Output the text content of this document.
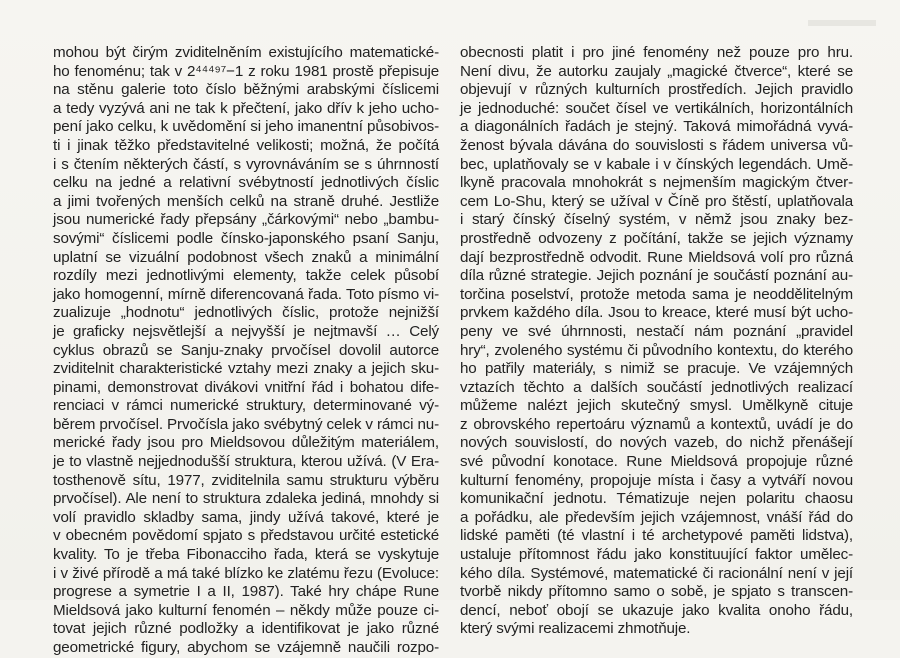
mohou být čirým zviditelněním existujícího matematické-
ho fenoménu; tak v 2⁴⁴⁴⁹⁷−1 z roku 1981 prostě přepisuje
na stěnu galerie toto číslo běžnými arabskými číslicemi
a tedy vyzývá ani ne tak k přečtení, jako dřív k jeho ucho-
pení jako celku, k uvědomění si jeho imanentní působivos-
ti i jinak těžko představitelné velikosti; možná, že počítá
i s čtením některých částí, s vyrovnáváním se s úhrnností
celku na jedné a relativní svébytností jednotlivých číslic
a jimi tvořených menších celků na straně druhé. Jestliže
jsou numerické řady přepsány „čárkovými“ nebo „bambu-
sovými“ číslicemi podle čínsko-japonského psaní Sanju,
uplatní se vizuální podobnost všech znaků a minimální
rozdíly mezi jednotlivými elementy, takže celek působí
jako homogenní, mírně diferencovaná řada. Toto písmo vi-
zualizuje „hodnotu“ jednotlivých číslic, protože nejnižší
je graficky nejsvětlejší a nejvyšší je nejtmavší … Celý
cyklus obrazů se Sanju-znaky prvočísel dovolil autorce
zviditelnit charakteristické vztahy mezi znaky a jejich sku-
pinami, demonstrovat divákovi vnitřní řád i bohatou dife-
renciaci v rámci numerické struktury, determinované vý-
běrem prvočísel. Prvočísla jako svébytný celek v rámci nu-
merické řady jsou pro Mieldsovou důležitým materiálem,
je to vlastně nejjednodušší struktura, kterou užívá. (V Era-
tosthenově sítu, 1977, zviditelnila samu strukturu výběru
prvočísel). Ale není to struktura zdaleka jediná, mnohdy si
volí pravidlo skladby sama, jindy užívá takové, které je
v obecném povědomí spjato s představou určité estetické
kvality. To je třeba Fibonacciho řada, která se vyskytuje
i v živé přírodě a má také blízko ke zlatému řezu (Evoluce:
progrese a symetrie I a II, 1987). Také hry chápe Rune
Mieldsová jako kulturní fenomén – někdy může pouze ci-
tovat jejich různé podložky a identifikovat je jako různé
geometrické figury, abychom se vzájemně naučili rozpo-
obecnosti platit i pro jiné fenomény než pouze pro hru.
Není divu, že autorku zaujaly „magické čtverce“, které se
objevují v různých kulturních prostředích. Jejich pravidlo
je jednoduché: součet čísel ve vertikálních, horizontálních
a diagonálních řadách je stejný. Taková mimořádná vyvá-
ženost bývala dávána do souvislosti s řádem universa vů-
bec, uplatňovaly se v kabale i v čínských legendách. Umě-
lkyně pracovala mnohokrát s nejmenším magickým čtver-
cem Lo-Shu, který se užíval v Číně pro štěstí, uplatňovala
i starý čínský číselný systém, v němž jsou znaky bez-
prostředně odvozeny z počítání, takže se jejich významy
dají bezprostředně odvodit. Rune Mieldsová volí pro různá
díla různé strategie. Jejich poznání je součástí poznání au-
torčina poselství, protože metoda sama je neoddělitelným
prvkem každého díla. Jsou to kreace, které musí být ucho-
peny ve své úhrnnosti, nestačí nám poznání „pravidel
hry“, zvoleného systému či původního kontextu, do kterého
ho patřily materiály, s nimiž se pracuje. Ve vzájemných
vztazích těchto a dalších součástí jednotlivých realizací
můžeme nalézt jejich skutečný smysl. Umělkyně cituje
z obrovského repertoáru významů a kontextů, uvádí je do
nových souvislostí, do nových vazeb, do nichž přenášejí
své původní konotace. Rune Mieldsová propojuje různé
kulturní fenomény, propojuje místa i časy a vytváří novou
komunikační jednotu. Tématizuje nejen polaritu chaosu
a pořádku, ale především jejich vzájemnost, vnáší řád do
lidské paměti (té vlastní i té archetypové paměti lidstva),
ustaluje přítomnost řádu jako konstituující faktor umělec-
kého díla. Systémové, matematické či racionální není v její
tvorbě nikdy přítomno samo o sobě, je spjato s transcen-
dencí, neboť obojí se ukazuje jako kvalita onoho řádu,
který svými realizacemi zhmotňuje.
